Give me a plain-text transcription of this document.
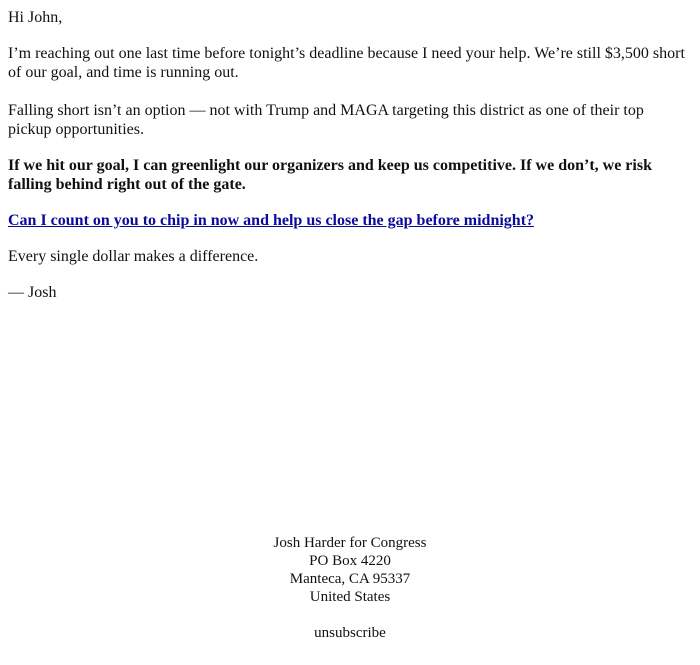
Hi John,

I’m reaching out one last time before tonight’s deadline because I need your help. We’re still $3,500 short of our goal, and time is running out.

Falling short isn’t an option — not with Trump and MAGA targeting this district as one of their top pickup opportunities.

If we hit our goal, I can greenlight our organizers and keep us competitive. If we don’t, we risk falling behind right out of the gate.

Can I count on you to chip in now and help us close the gap before midnight?

Every single dollar makes a difference.

— Josh

Josh Harder for Congress
PO Box 4220
Manteca, CA 95337
United States
unsubscribe
